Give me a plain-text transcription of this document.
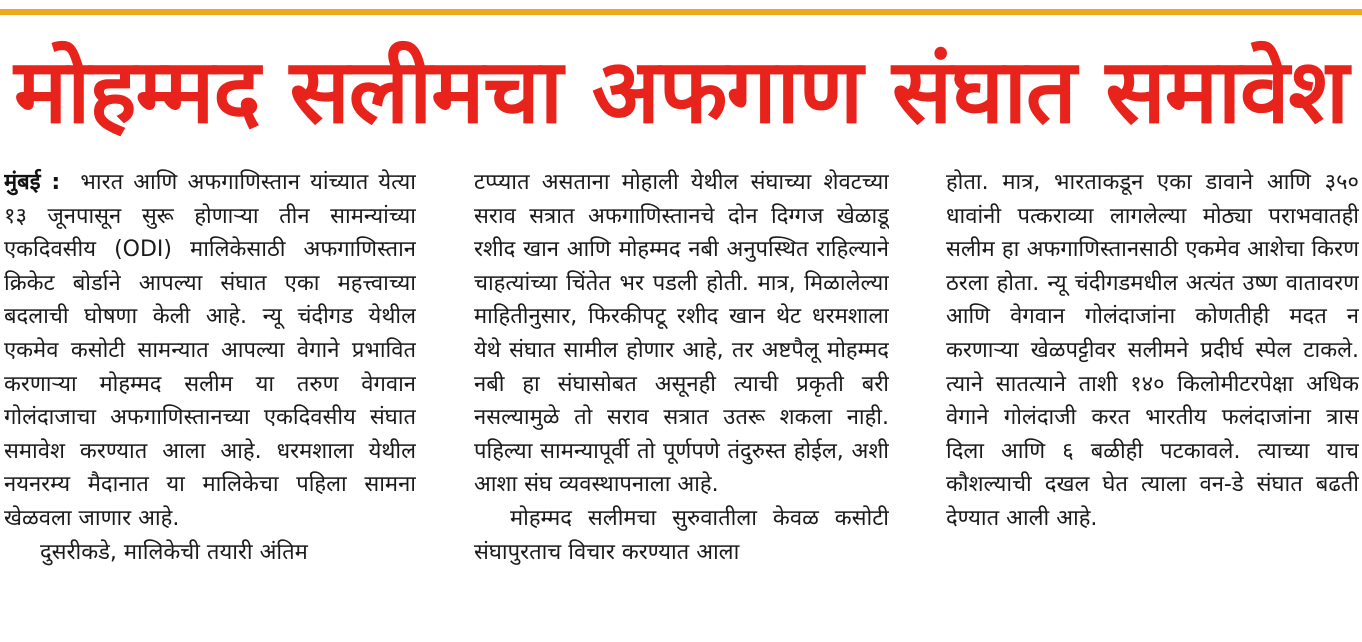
मोहम्मद सलीमचा अफगाण संघात समावेश

मुंबई : भारत आणि अफगाणिस्तान यांच्यात येत्या १३ जूनपासून सुरू होणाऱ्या तीन सामन्यांच्या एकदिवसीय (ODI) मालिकेसाठी अफगाणिस्तान क्रिकेट बोर्डाने आपल्या संघात एका महत्त्वाच्या बदलाची घोषणा केली आहे. न्यू चंदीगड येथील एकमेव कसोटी सामन्यात आपल्या वेगाने प्रभावित करणाऱ्या मोहम्मद सलीम या तरुण वेगवान गोलंदाजाचा अफगाणिस्तानच्या एकदिवसीय संघात समावेश करण्यात आला आहे. धरमशाला येथील नयनरम्य मैदानात या मालिकेचा पहिला सामना खेळवला जाणार आहे.

दुसरीकडे, मालिकेची तयारी अंतिम

टप्प्यात असताना मोहाली येथील संघाच्या शेवटच्या सराव सत्रात अफगाणिस्तानचे दोन दिग्गज खेळाडू रशीद खान आणि मोहम्मद नबी अनुपस्थित राहिल्याने चाहत्यांच्या चिंतेत भर पडली होती. मात्र, मिळालेल्या माहितीनुसार, फिरकीपटू रशीद खान थेट धरमशाला येथे संघात सामील होणार आहे, तर अष्टपैलू मोहम्मद नबी हा संघासोबत असूनही त्याची प्रकृती बरी नसल्यामुळे तो सराव सत्रात उतरू शकला नाही. पहिल्या सामन्यापूर्वी तो पूर्णपणे तंदुरुस्त होईल, अशी आशा संघ व्यवस्थापनाला आहे.

मोहम्मद सलीमचा सुरुवातीला केवळ कसोटी संघापुरताच विचार करण्यात आला

होता. मात्र, भारताकडून एका डावाने आणि ३५० धावांनी पत्कराव्या लागलेल्या मोठ्या पराभवातही सलीम हा अफगाणिस्तानसाठी एकमेव आशेचा किरण ठरला होता. न्यू चंदीगडमधील अत्यंत उष्ण वातावरण आणि वेगवान गोलंदाजांना कोणतीही मदत न करणाऱ्या खेळपट्टीवर सलीमने प्रदीर्घ स्पेल टाकले. त्याने सातत्याने ताशी १४० किलोमीटरपेक्षा अधिक वेगाने गोलंदाजी करत भारतीय फलंदाजांना त्रास दिला आणि ६ बळीही पटकावले. त्याच्या याच कौशल्याची दखल घेत त्याला वन-डे संघात बढती देण्यात आली आहे.
